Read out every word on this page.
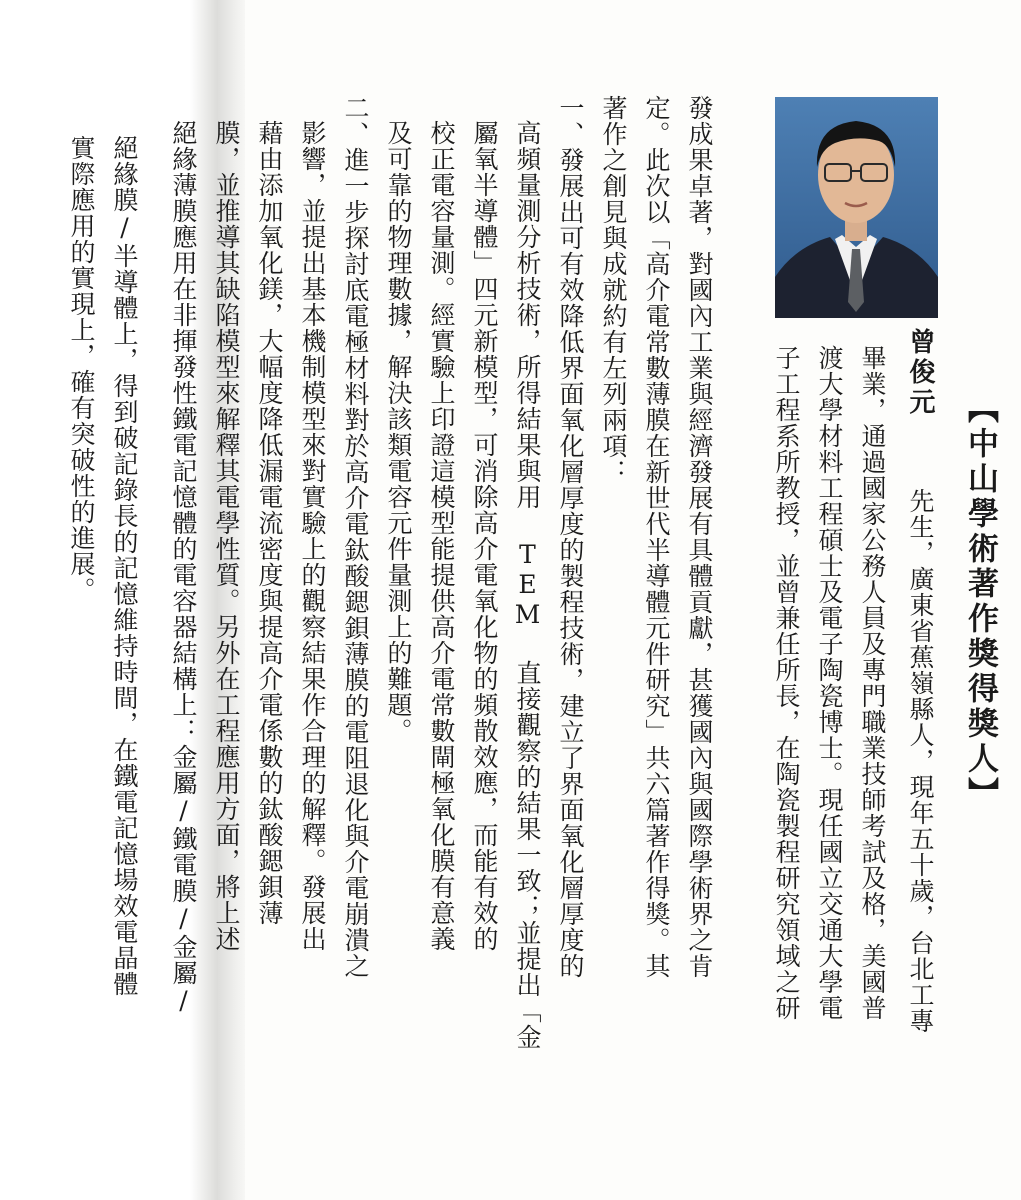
絕緣膜/半導體上，得到破記錄長的記憶維持時間，在鐵電記憶場效電晶體

實際應用的實現上，確有突破性的進展。	【中山學術著作獎得獎人】
曾俊元

先生，廣東省蕉嶺縣人，現年五十歲，台北工專

畢業，通過國家公務人員及專門職業技師考試及格，美國普

渡大學材料工程碩士及電子陶瓷博士。現任國立交通大學電

子工程系所教授，並曾兼任所長，在陶瓷製程研究領域之研

發成果卓著，對國內工業與經濟發展有具體貢獻，甚獲國內與國際學術界之肯

定。此次以「高介電常數薄膜在新世代半導體元件研究」共六篇著作得獎。其

著作之創見與成就約有左列兩項：

一、發展出可有效降低界面氧化層厚度的製程技術，建立了界面氧化層厚度的

高頻量測分析技術，所得結果與用 TEM 直接觀察的結果一致；並提出「金

屬氧半導體」四元新模型，可消除高介電氧化物的頻散效應，而能有效的

校正電容量測。經實驗上印證這模型能提供高介電常數閘極氧化膜有意義

及可靠的物理數據，解決該類電容元件量測上的難題。

二、進一步探討底電極材料對於高介電鈦酸鍶鋇薄膜的電阻退化與介電崩潰之

影響，並提出基本機制模型來對實驗上的觀察結果作合理的解釋。發展出

藉由添加氧化鎂，大幅度降低漏電流密度與提高介電係數的鈦酸鍶鋇薄

膜，並推導其缺陷模型來解釋其電學性質。另外在工程應用方面，將上述

絕緣薄膜應用在非揮發性鐵電記憶體的電容器結構上：金屬/鐵電膜/金屬/
